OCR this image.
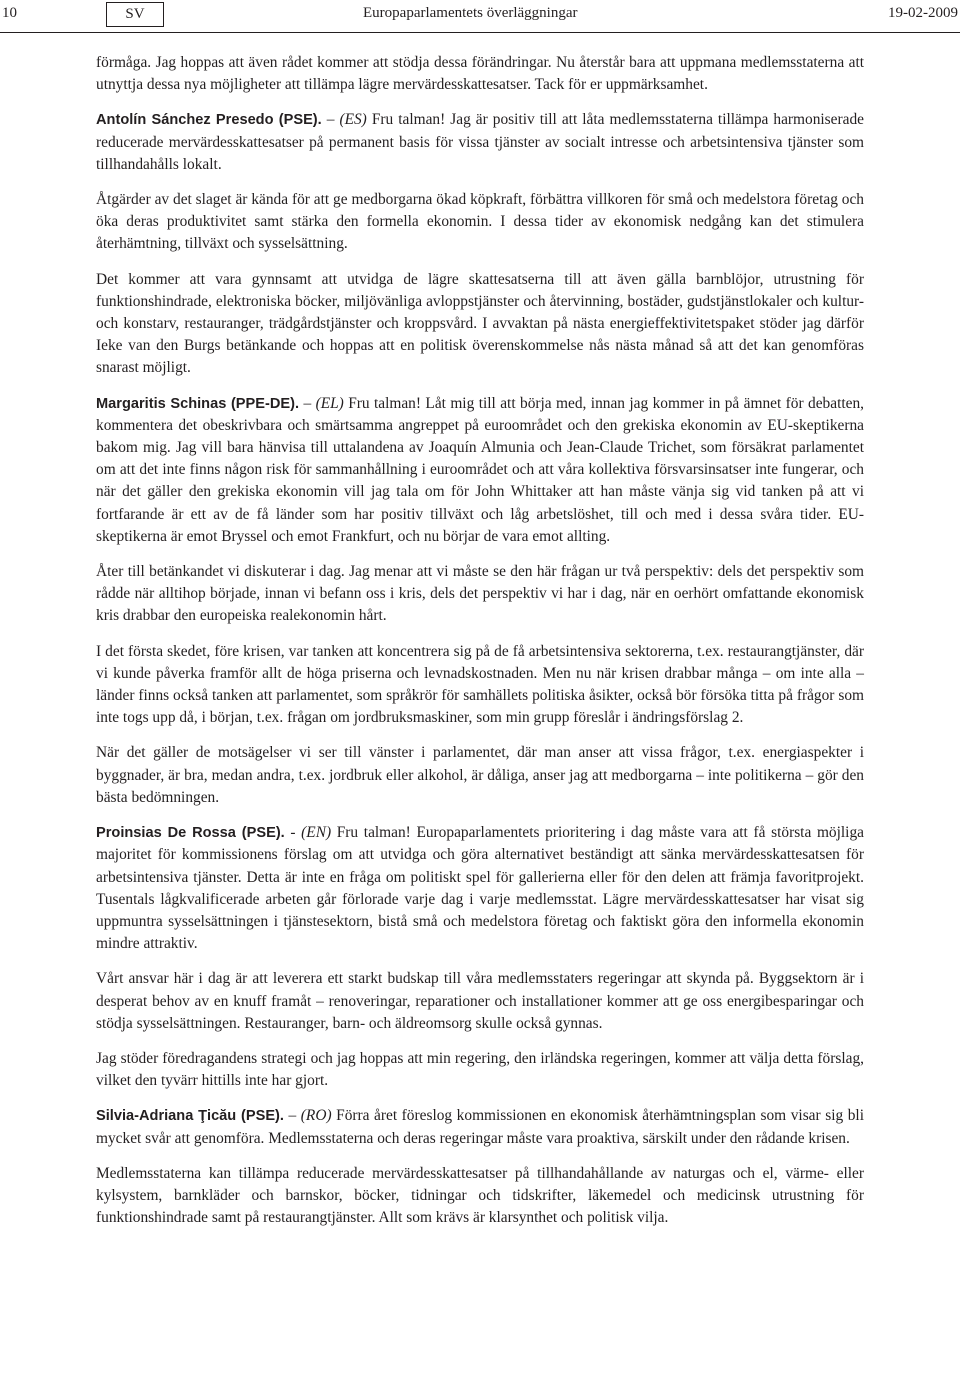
10	SV	Europaparlamentets överläggningar	19-02-2009

förmåga. Jag hoppas att även rådet kommer att stödja dessa förändringar. Nu återstår bara att uppmana medlemsstaterna att utnyttja dessa nya möjligheter att tillämpa lägre mervärdesskattesatser. Tack för er uppmärksamhet.

Antolín Sánchez Presedo (PSE). – (ES) Fru talman! Jag är positiv till att låta medlemsstaterna tillämpa harmoniserade reducerade mervärdesskattesatser på permanent basis för vissa tjänster av socialt intresse och arbetsintensiva tjänster som tillhandahålls lokalt.

Åtgärder av det slaget är kända för att ge medborgarna ökad köpkraft, förbättra villkoren för små och medelstora företag och öka deras produktivitet samt stärka den formella ekonomin. I dessa tider av ekonomisk nedgång kan det stimulera återhämtning, tillväxt och sysselsättning.

Det kommer att vara gynnsamt att utvidga de lägre skattesatserna till att även gälla barnblöjor, utrustning för funktionshindrade, elektroniska böcker, miljövänliga avloppstjänster och återvinning, bostäder, gudstjänstlokaler och kultur- och konstarv, restauranger, trädgårdstjänster och kroppsvård. I avvaktan på nästa energieffektivitetspaket stöder jag därför Ieke van den Burgs betänkande och hoppas att en politisk överenskommelse nås nästa månad så att det kan genomföras snarast möjligt.

Margaritis Schinas (PPE-DE). – (EL) Fru talman! Låt mig till att börja med, innan jag kommer in på ämnet för debatten, kommentera det obeskrivbara och smärtsamma angreppet på euroområdet och den grekiska ekonomin av EU-skeptikerna bakom mig. Jag vill bara hänvisa till uttalandena av Joaquín Almunia och Jean-Claude Trichet, som försäkrat parlamentet om att det inte finns någon risk för sammanhållning i euroområdet och att våra kollektiva försvarsinsatser inte fungerar, och när det gäller den grekiska ekonomin vill jag tala om för John Whittaker att han måste vänja sig vid tanken på att vi fortfarande är ett av de få länder som har positiv tillväxt och låg arbetslöshet, till och med i dessa svåra tider. EU-skeptikerna är emot Bryssel och emot Frankfurt, och nu börjar de vara emot allting.

Åter till betänkandet vi diskuterar i dag. Jag menar att vi måste se den här frågan ur två perspektiv: dels det perspektiv som rådde när alltihop började, innan vi befann oss i kris, dels det perspektiv vi har i dag, när en oerhört omfattande ekonomisk kris drabbar den europeiska realekonomin hårt.

I det första skedet, före krisen, var tanken att koncentrera sig på de få arbetsintensiva sektorerna, t.ex. restaurangtjänster, där vi kunde påverka framför allt de höga priserna och levnadskostnaden. Men nu när krisen drabbar många – om inte alla – länder finns också tanken att parlamentet, som språkrör för samhällets politiska åsikter, också bör försöka titta på frågor som inte togs upp då, i början, t.ex. frågan om jordbruksmaskiner, som min grupp föreslår i ändringsförslag 2.

När det gäller de motsägelser vi ser till vänster i parlamentet, där man anser att vissa frågor, t.ex. energiaspekter i byggnader, är bra, medan andra, t.ex. jordbruk eller alkohol, är dåliga, anser jag att medborgarna – inte politikerna – gör den bästa bedömningen.

Proinsias De Rossa (PSE). - (EN) Fru talman! Europaparlamentets prioritering i dag måste vara att få största möjliga majoritet för kommissionens förslag om att utvidga och göra alternativet beständigt att sänka mervärdesskattesatsen för arbetsintensiva tjänster. Detta är inte en fråga om politiskt spel för gallerierna eller för den delen att främja favoritprojekt. Tusentals lågkvalificerade arbeten går förlorade varje dag i varje medlemsstat. Lägre mervärdesskattesatser har visat sig uppmuntra sysselsättningen i tjänstesektorn, bistå små och medelstora företag och faktiskt göra den informella ekonomin mindre attraktiv.

Vårt ansvar här i dag är att leverera ett starkt budskap till våra medlemsstaters regeringar att skynda på. Byggsektorn är i desperat behov av en knuff framåt – renoveringar, reparationer och installationer kommer att ge oss energibesparingar och stödja sysselsättningen. Restauranger, barn- och äldreomsorg skulle också gynnas.

Jag stöder föredragandens strategi och jag hoppas att min regering, den irländska regeringen, kommer att välja detta förslag, vilket den tyvärr hittills inte har gjort.

Silvia-Adriana Ţicău (PSE). – (RO) Förra året föreslog kommissionen en ekonomisk återhämtningsplan som visar sig bli mycket svår att genomföra. Medlemsstaterna och deras regeringar måste vara proaktiva, särskilt under den rådande krisen.

Medlemsstaterna kan tillämpa reducerade mervärdesskattesatser på tillhandahållande av naturgas och el, värme- eller kylsystem, barnkläder och barnskor, böcker, tidningar och tidskrifter, läkemedel och medicinsk utrustning för funktionshindrade samt på restaurangtjänster. Allt som krävs är klarsynthet och politisk vilja.
